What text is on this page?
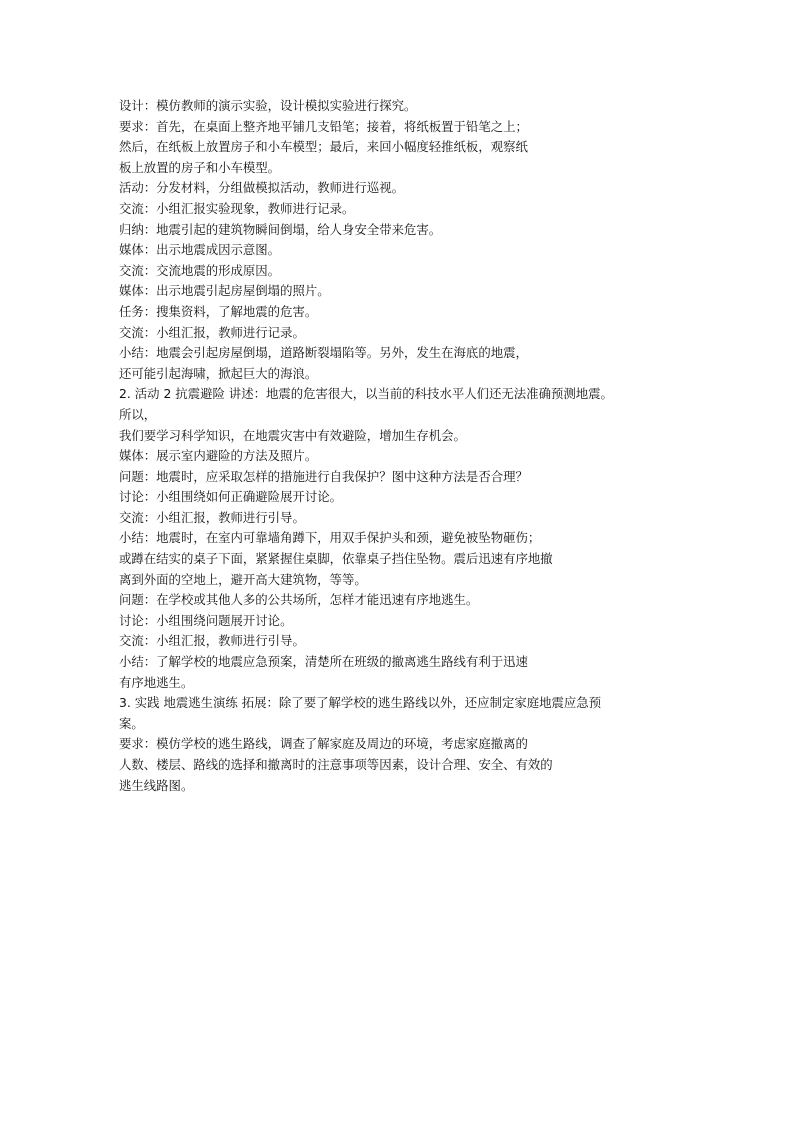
设计：模仿教师的演示实验，设计模拟实验进行探究。
要求：首先，在桌面上整齐地平铺几支铅笔；接着，将纸板置于铅笔之上；
然后，在纸板上放置房子和小车模型；最后，来回小幅度轻推纸板，观察纸
板上放置的房子和小车模型。
活动：分发材料，分组做模拟活动，教师进行巡视。
交流：小组汇报实验现象，教师进行记录。
归纳：地震引起的建筑物瞬间倒塌，给人身安全带来危害。
媒体：出示地震成因示意图。
交流：交流地震的形成原因。
媒体：出示地震引起房屋倒塌的照片。
任务：搜集资料，了解地震的危害。
交流：小组汇报，教师进行记录。
小结：地震会引起房屋倒塌，道路断裂塌陷等。另外，发生在海底的地震，
还可能引起海啸，掀起巨大的海浪。
2. 活动 2 抗震避险 讲述：地震的危害很大，以当前的科技水平人们还无法准确预测地震。
所以，
我们要学习科学知识，在地震灾害中有效避险，增加生存机会。
媒体：展示室内避险的方法及照片。
问题：地震时，应采取怎样的措施进行自我保护？图中这种方法是否合理？
讨论：小组围绕如何正确避险展开讨论。
交流：小组汇报，教师进行引导。
小结：地震时，在室内可靠墙角蹲下，用双手保护头和颈，避免被坠物砸伤；
或蹲在结实的桌子下面，紧紧握住桌脚，依靠桌子挡住坠物。震后迅速有序地撤
离到外面的空地上，避开高大建筑物，等等。
问题：在学校或其他人多的公共场所，怎样才能迅速有序地逃生。
讨论：小组围绕问题展开讨论。
交流：小组汇报，教师进行引导。
小结：了解学校的地震应急预案，清楚所在班级的撤离逃生路线有利于迅速
有序地逃生。
3. 实践 地震逃生演练 拓展：除了要了解学校的逃生路线以外，还应制定家庭地震应急预
案。
要求：模仿学校的逃生路线，调查了解家庭及周边的环境，考虑家庭撤离的
人数、楼层、路线的选择和撤离时的注意事项等因素，设计合理、安全、有效的
逃生线路图。
